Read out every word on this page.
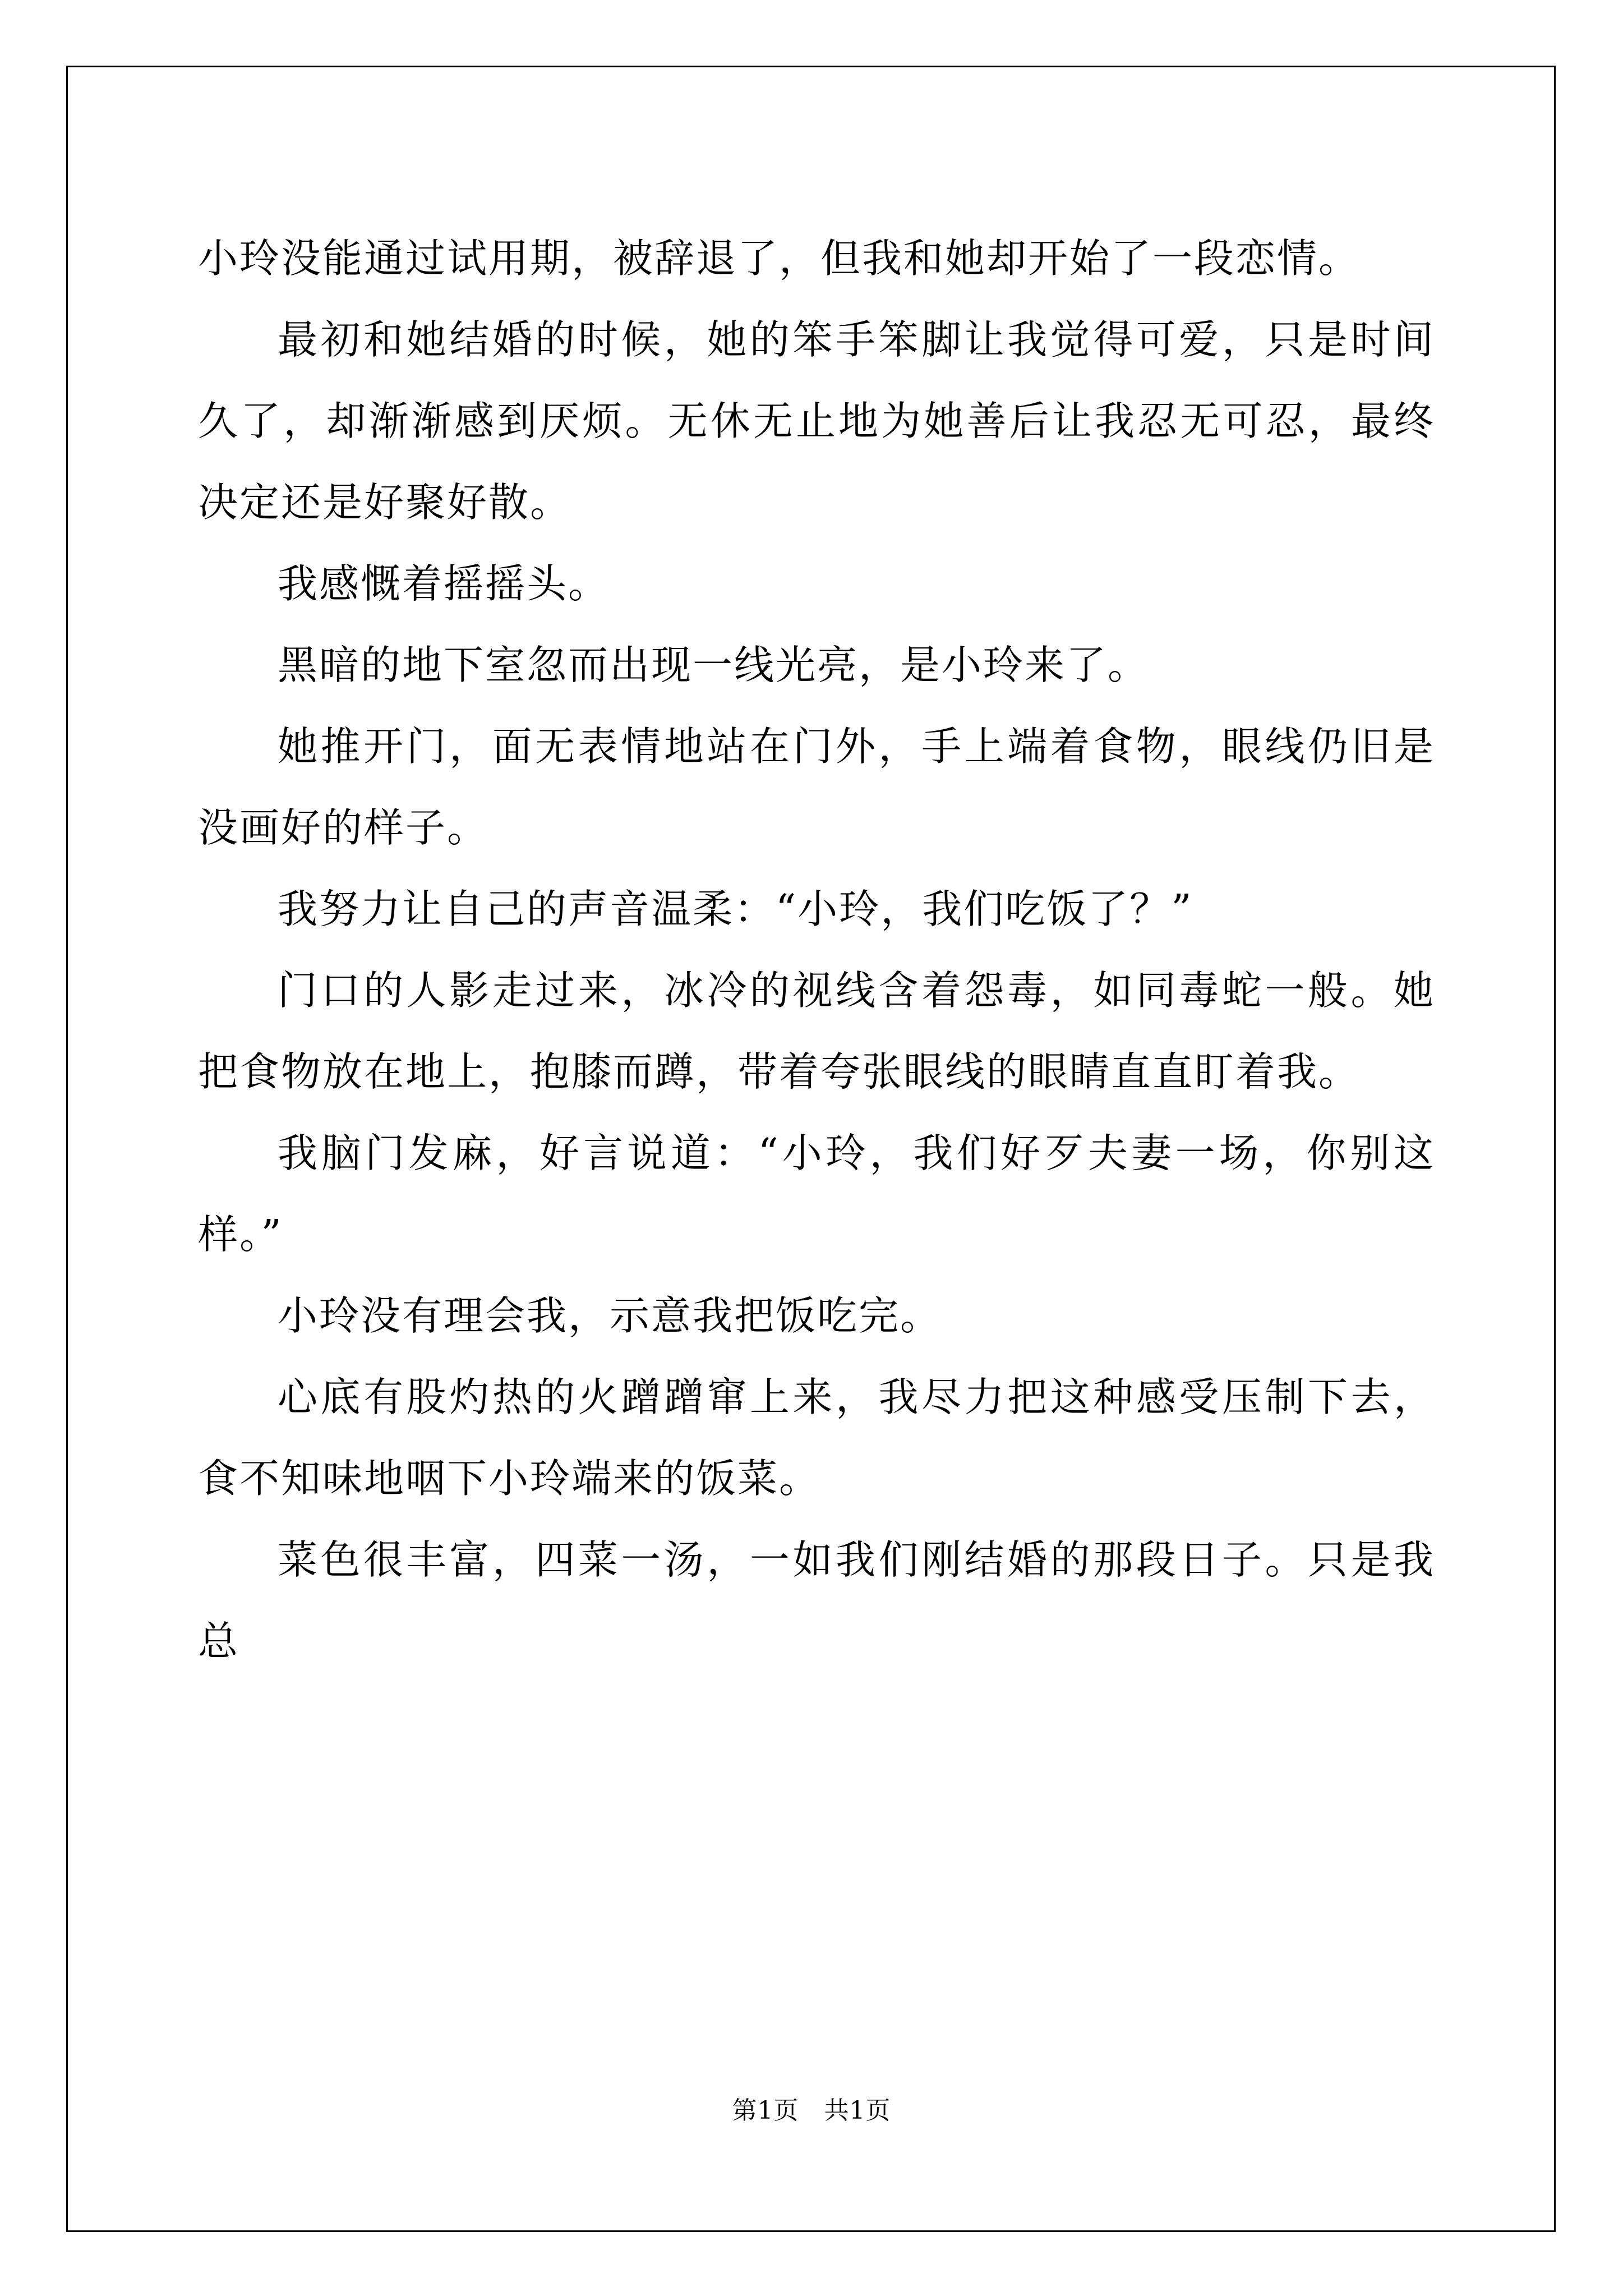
小玲没能通过试用期，被辞退了，但我和她却开始了一段恋情。

最初和她结婚的时候，她的笨手笨脚让我觉得可爱，只是时间久了，却渐渐感到厌烦。无休无止地为她善后让我忍无可忍，最终决定还是好聚好散。

我感慨着摇摇头。

黑暗的地下室忽而出现一线光亮，是小玲来了。

她推开门，面无表情地站在门外，手上端着食物，眼线仍旧是没画好的样子。

我努力让自己的声音温柔：“小玲，我们吃饭了？”

门口的人影走过来，冰冷的视线含着怨毒，如同毒蛇一般。她把食物放在地上，抱膝而蹲，带着夸张眼线的眼睛直直盯着我。

我脑门发麻，好言说道：“小玲，我们好歹夫妻一场，你别这样。”

小玲没有理会我，示意我把饭吃完。

心底有股灼热的火蹭蹭窜上来，我尽力把这种感受压制下去，食不知味地咽下小玲端来的饭菜。

菜色很丰富，四菜一汤，一如我们刚结婚的那段日子。只是我总

第1页　共1页
